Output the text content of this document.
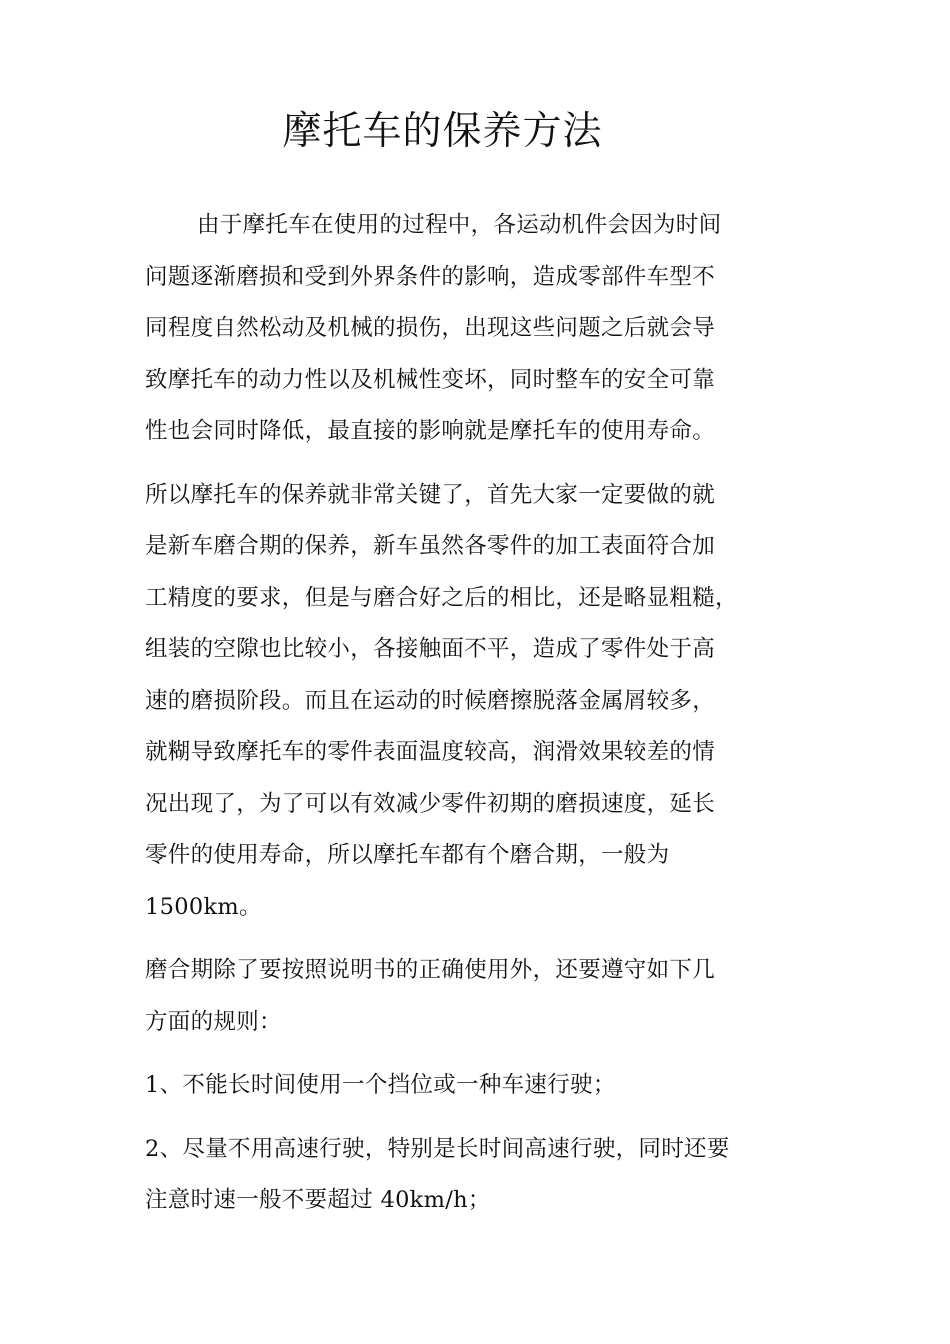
摩托车的保养方法

由于摩托车在使用的过程中，各运动机件会因为时间
问题逐渐磨损和受到外界条件的影响，造成零部件车型不
同程度自然松动及机械的损伤，出现这些问题之后就会导
致摩托车的动力性以及机械性变坏，同时整车的安全可靠
性也会同时降低，最直接的影响就是摩托车的使用寿命。

所以摩托车的保养就非常关键了，首先大家一定要做的就
是新车磨合期的保养，新车虽然各零件的加工表面符合加
工精度的要求，但是与磨合好之后的相比，还是略显粗糙，
组装的空隙也比较小，各接触面不平，造成了零件处于高
速的磨损阶段。而且在运动的时候磨擦脱落金属屑较多，
就糊导致摩托车的零件表面温度较高，润滑效果较差的情
况出现了，为了可以有效减少零件初期的磨损速度，延长
零件的使用寿命，所以摩托车都有个磨合期，一般为
1500km。

磨合期除了要按照说明书的正确使用外，还要遵守如下几
方面的规则：

1、不能长时间使用一个挡位或一种车速行驶；

2、尽量不用高速行驶，特别是长时间高速行驶，同时还要
注意时速一般不要超过 40km/h；
